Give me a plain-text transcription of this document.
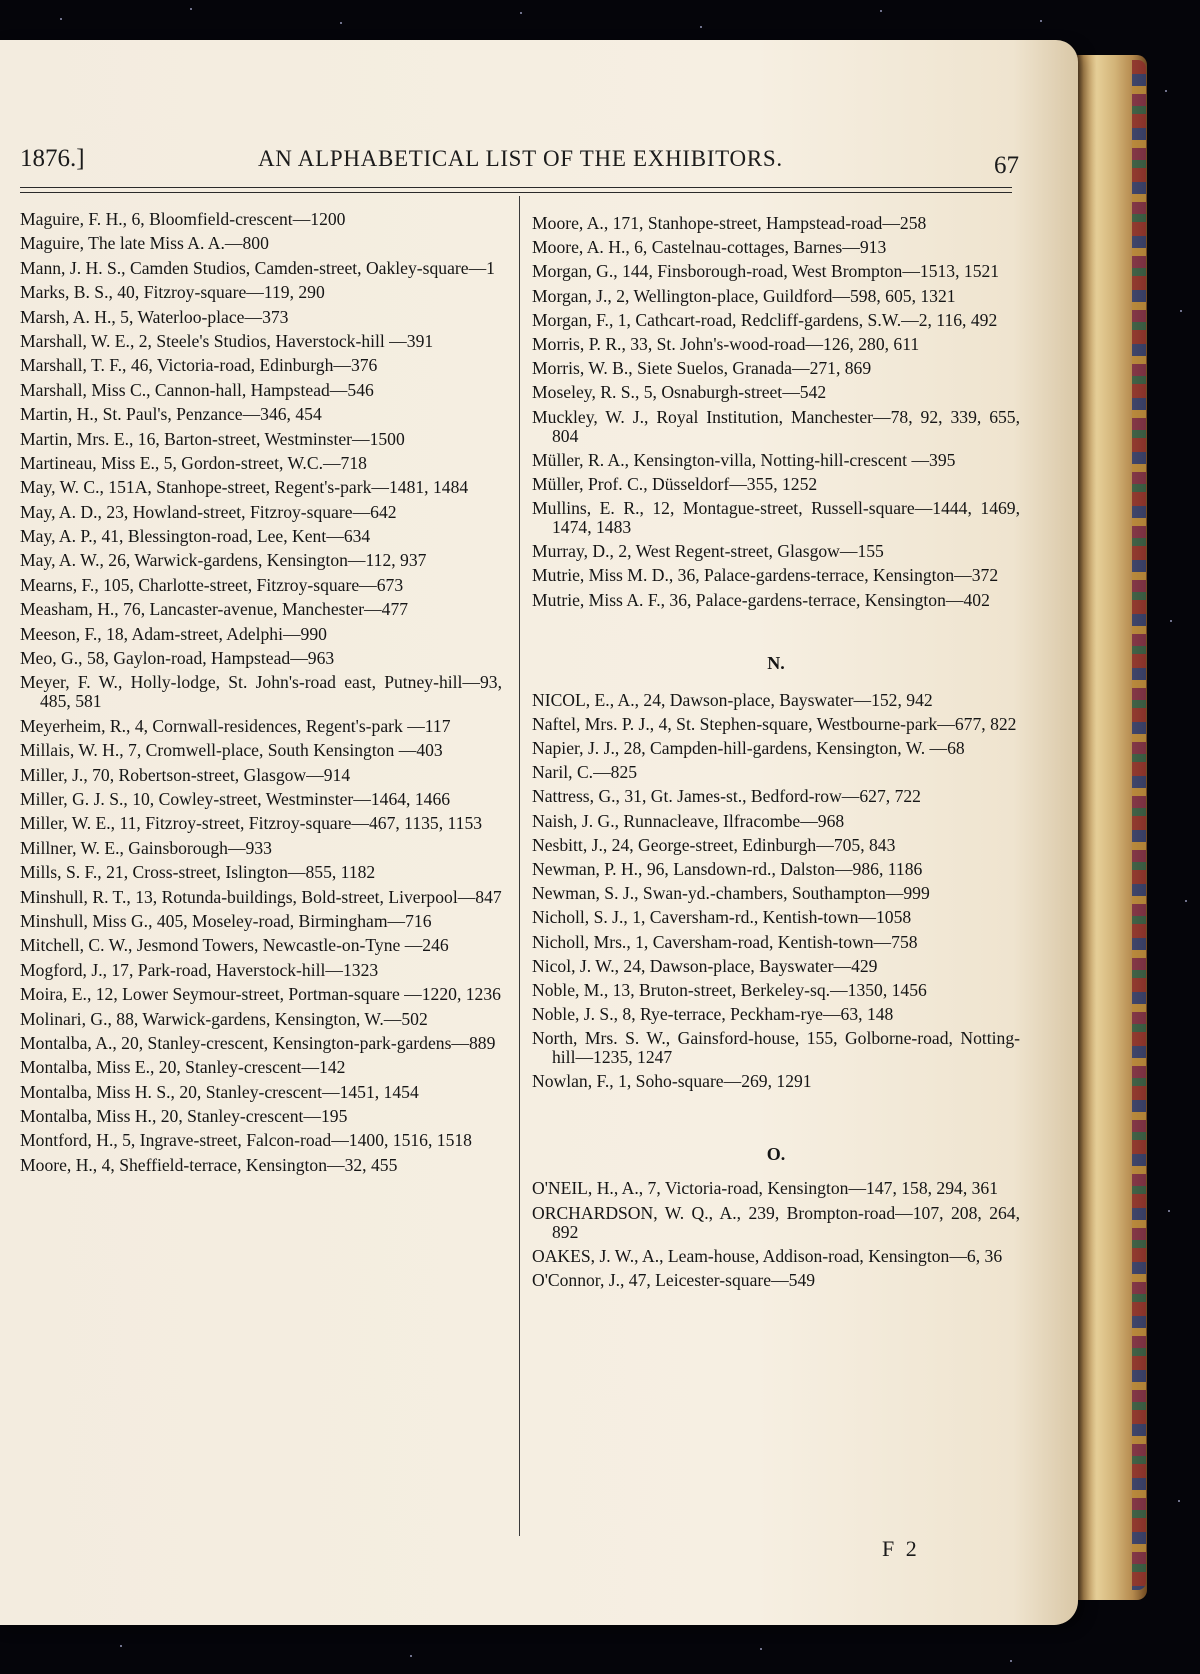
1876.]	AN ALPHABETICAL LIST OF THE EXHIBITORS.	67
Maguire, F. H., 6, Bloomfield-crescent—1200
Maguire, The late Miss A. A.—800
Mann, J. H. S., Camden Studios, Camden-street, Oakley-square—1
Marks, B. S., 40, Fitzroy-square—119, 290
Marsh, A. H., 5, Waterloo-place—373
Marshall, W. E., 2, Steele's Studios, Haverstock-hill —391
Marshall, T. F., 46, Victoria-road, Edinburgh—376
Marshall, Miss C., Cannon-hall, Hampstead—546
Martin, H., St. Paul's, Penzance—346, 454
Martin, Mrs. E., 16, Barton-street, Westminster—1500
Martineau, Miss E., 5, Gordon-street, W.C.—718
May, W. C., 151A, Stanhope-street, Regent's-park—1481, 1484
May, A. D., 23, Howland-street, Fitzroy-square—642
May, A. P., 41, Blessington-road, Lee, Kent—634
May, A. W., 26, Warwick-gardens, Kensington—112, 937
Mearns, F., 105, Charlotte-street, Fitzroy-square—673
Measham, H., 76, Lancaster-avenue, Manchester—477
Meeson, F., 18, Adam-street, Adelphi—990
Meo, G., 58, Gaylon-road, Hampstead—963
Meyer, F. W., Holly-lodge, St. John's-road east, Putney-hill—93, 485, 581
Meyerheim, R., 4, Cornwall-residences, Regent's-park —117
Millais, W. H., 7, Cromwell-place, South Kensington —403
Miller, J., 70, Robertson-street, Glasgow—914
Miller, G. J. S., 10, Cowley-street, Westminster—1464, 1466
Miller, W. E., 11, Fitzroy-street, Fitzroy-square—467, 1135, 1153
Millner, W. E., Gainsborough—933
Mills, S. F., 21, Cross-street, Islington—855, 1182
Minshull, R. T., 13, Rotunda-buildings, Bold-street, Liverpool—847
Minshull, Miss G., 405, Moseley-road, Birmingham—716
Mitchell, C. W., Jesmond Towers, Newcastle-on-Tyne —246
Mogford, J., 17, Park-road, Haverstock-hill—1323
Moira, E., 12, Lower Seymour-street, Portman-square —1220, 1236
Molinari, G., 88, Warwick-gardens, Kensington, W.—502
Montalba, A., 20, Stanley-crescent, Kensington-park-gardens—889
Montalba, Miss E., 20, Stanley-crescent—142
Montalba, Miss H. S., 20, Stanley-crescent—1451, 1454
Montalba, Miss H., 20, Stanley-crescent—195
Montford, H., 5, Ingrave-street, Falcon-road—1400, 1516, 1518
Moore, H., 4, Sheffield-terrace, Kensington—32, 455
Moore, A., 171, Stanhope-street, Hampstead-road—258
Moore, A. H., 6, Castelnau-cottages, Barnes—913
Morgan, G., 144, Finsborough-road, West Brompton—1513, 1521
Morgan, J., 2, Wellington-place, Guildford—598, 605, 1321
Morgan, F., 1, Cathcart-road, Redcliff-gardens, S.W.—2, 116, 492
Morris, P. R., 33, St. John's-wood-road—126, 280, 611
Morris, W. B., Siete Suelos, Granada—271, 869
Moseley, R. S., 5, Osnaburgh-street—542
Muckley, W. J., Royal Institution, Manchester—78, 92, 339, 655, 804
Müller, R. A., Kensington-villa, Notting-hill-crescent —395
Müller, Prof. C., Düsseldorf—355, 1252
Mullins, E. R., 12, Montague-street, Russell-square—1444, 1469, 1474, 1483
Murray, D., 2, West Regent-street, Glasgow—155
Mutrie, Miss M. D., 36, Palace-gardens-terrace, Kensington—372
Mutrie, Miss A. F., 36, Palace-gardens-terrace, Kensington—402
N.
NICOL, E., A., 24, Dawson-place, Bayswater—152, 942
Naftel, Mrs. P. J., 4, St. Stephen-square, Westbourne-park—677, 822
Napier, J. J., 28, Campden-hill-gardens, Kensington, W. —68
Naril, C.—825
Nattress, G., 31, Gt. James-st., Bedford-row—627, 722
Naish, J. G., Runnacleave, Ilfracombe—968
Nesbitt, J., 24, George-street, Edinburgh—705, 843
Newman, P. H., 96, Lansdown-rd., Dalston—986, 1186
Newman, S. J., Swan-yd.-chambers, Southampton—999
Nicholl, S. J., 1, Caversham-rd., Kentish-town—1058
Nicholl, Mrs., 1, Caversham-road, Kentish-town—758
Nicol, J. W., 24, Dawson-place, Bayswater—429
Noble, M., 13, Bruton-street, Berkeley-sq.—1350, 1456
Noble, J. S., 8, Rye-terrace, Peckham-rye—63, 148
North, Mrs. S. W., Gainsford-house, 155, Golborne-road, Notting-hill—1235, 1247
Nowlan, F., 1, Soho-square—269, 1291
O.
O'NEIL, H., A., 7, Victoria-road, Kensington—147, 158, 294, 361
ORCHARDSON, W. Q., A., 239, Brompton-road—107, 208, 264, 892
OAKES, J. W., A., Leam-house, Addison-road, Kensington—6, 36
O'Connor, J., 47, Leicester-square—549
F 2
